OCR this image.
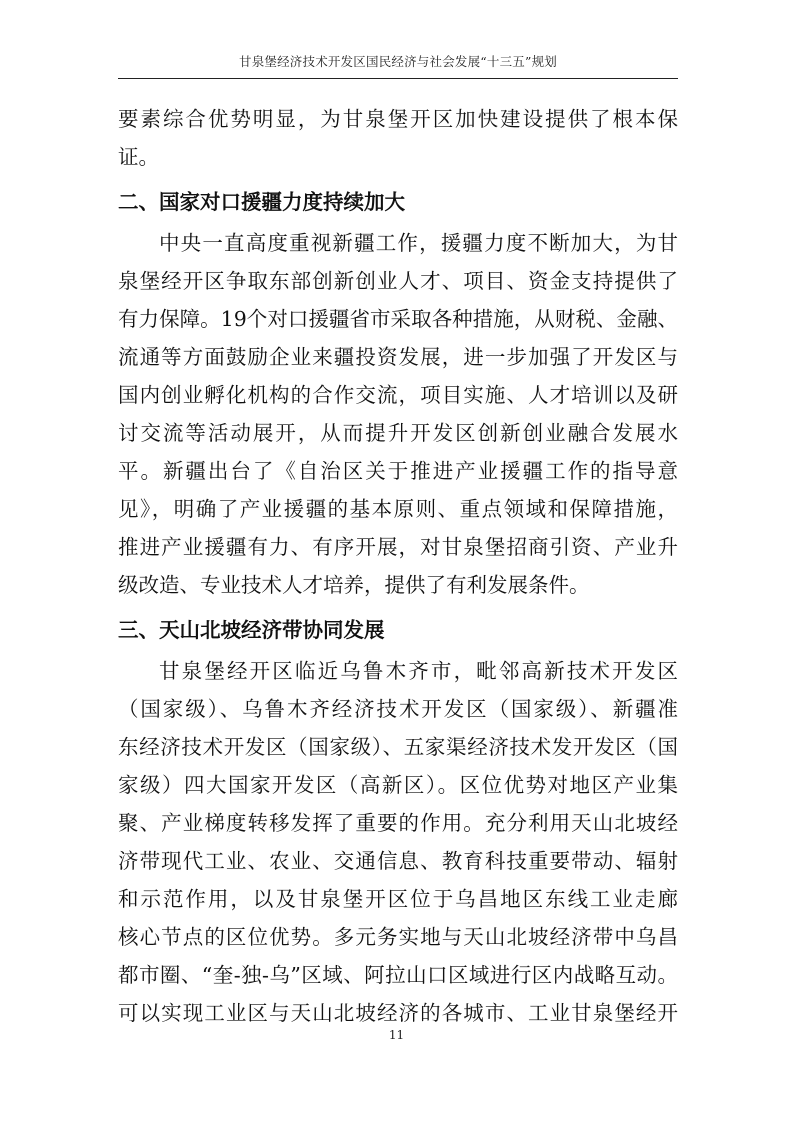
甘泉堡经济技术开发区国民经济与社会发展“十三五”规划
要素综合优势明显，为甘泉堡开区加快建设提供了根本保
证。
二、国家对口援疆力度持续加大
中央一直高度重视新疆工作，援疆力度不断加大，为甘
泉堡经开区争取东部创新创业人才、项目、资金支持提供了
有力保障。19个对口援疆省市采取各种措施，从财税、金融、
流通等方面鼓励企业来疆投资发展，进一步加强了开发区与
国内创业孵化机构的合作交流，项目实施、人才培训以及研
讨交流等活动展开，从而提升开发区创新创业融合发展水
平。新疆出台了《自治区关于推进产业援疆工作的指导意
见》，明确了产业援疆的基本原则、重点领域和保障措施，
推进产业援疆有力、有序开展，对甘泉堡招商引资、产业升
级改造、专业技术人才培养，提供了有利发展条件。
三、天山北坡经济带协同发展
甘泉堡经开区临近乌鲁木齐市，毗邻高新技术开发区
（国家级）、乌鲁木齐经济技术开发区（国家级）、新疆准
东经济技术开发区（国家级）、五家渠经济技术发开发区（国
家级）四大国家开发区（高新区）。区位优势对地区产业集
聚、产业梯度转移发挥了重要的作用。充分利用天山北坡经
济带现代工业、农业、交通信息、教育科技重要带动、辐射
和示范作用，以及甘泉堡开区位于乌昌地区东线工业走廊
核心节点的区位优势。多元务实地与天山北坡经济带中乌昌
都市圈、“奎-独-乌”区域、阿拉山口区域进行区内战略互动。
可以实现工业区与天山北坡经济的各城市、工业甘泉堡经开
11
